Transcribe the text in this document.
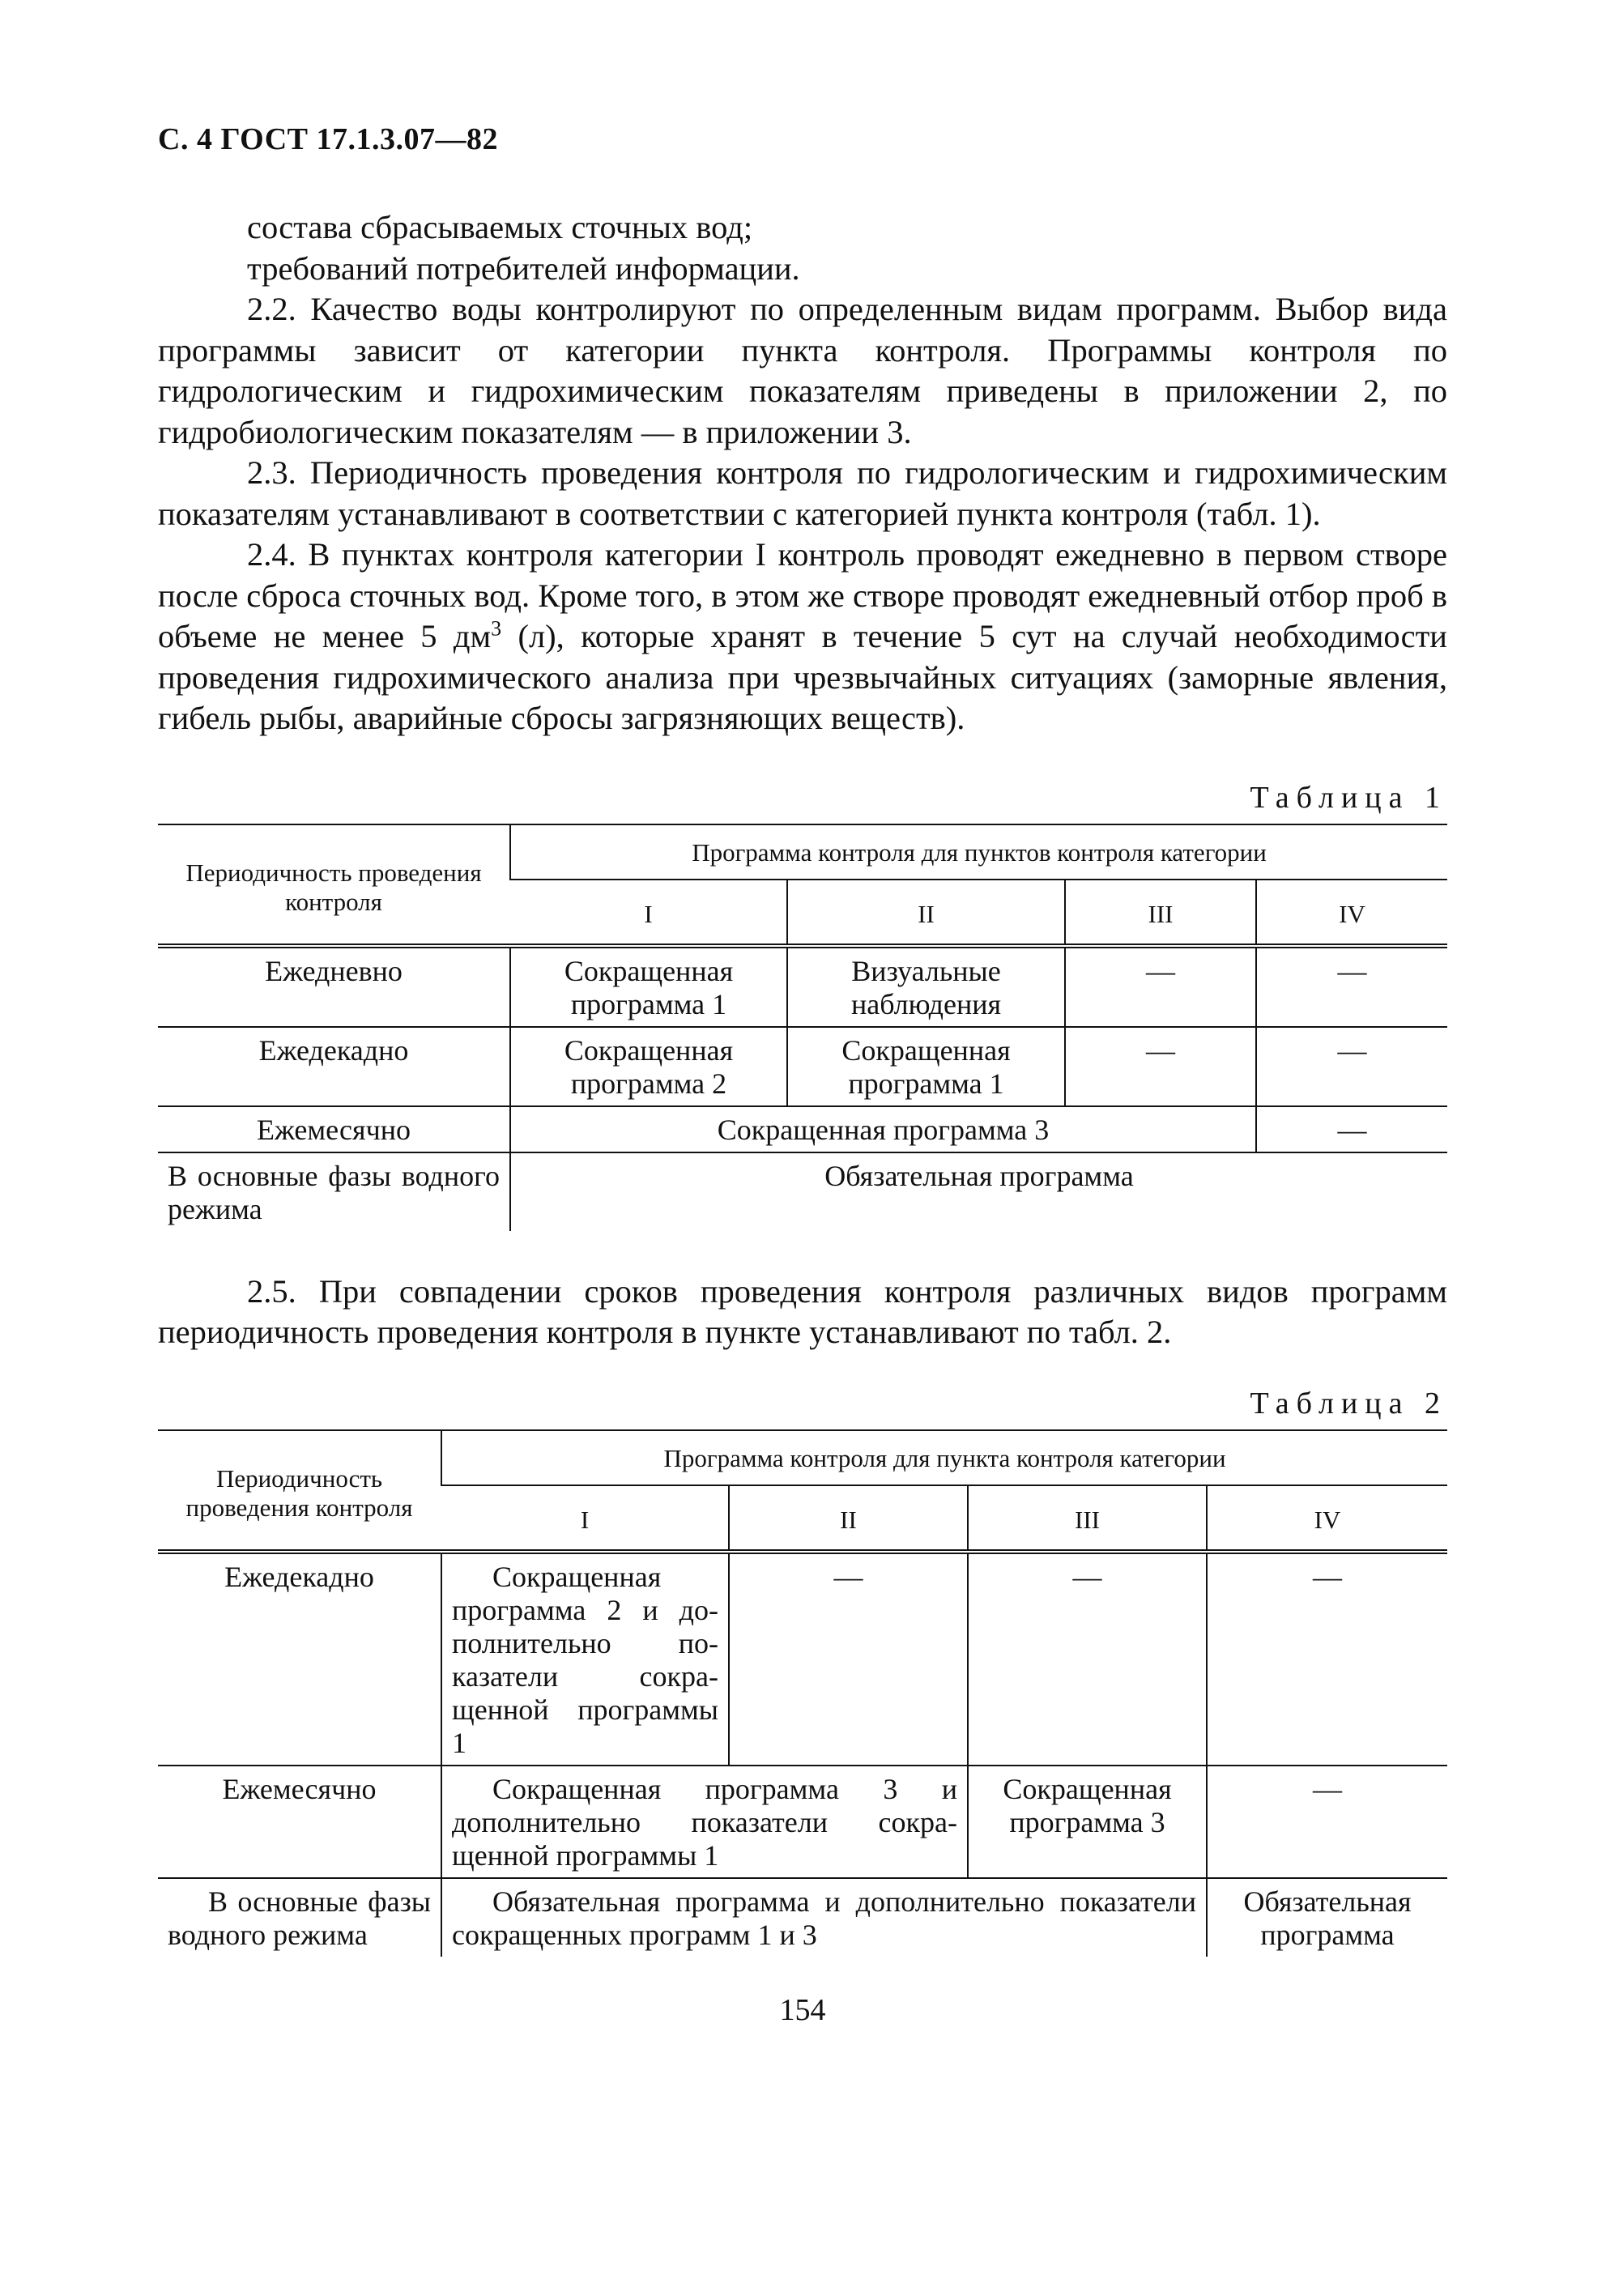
С. 4 ГОСТ 17.1.3.07—82

состава сбрасываемых сточных вод;

требований потребителей информации.

2.2. Качество воды контролируют по определенным видам программ. Выбор вида программы зависит от категории пункта контроля. Программы контроля по гидрологическим и гидрохимическим показателям приведены в приложении 2, по гидробиологическим показателям — в приложении 3.

2.3. Периодичность проведения контроля по гидрологическим и гидрохимическим показателям устанавливают в соответствии с категорией пункта контроля (табл. 1).

2.4. В пунктах контроля категории I контроль проводят ежедневно в первом створе после сброса сточных вод. Кроме того, в этом же створе проводят ежедневный отбор проб в объеме не менее 5 $дм^3$ (л), которые хранят в течение 5 сут на случай необходимости проведения гидрохимического анализа при чрезвычайных ситуациях (заморные явления, гибель рыбы, аварийные сбросы загрязняющих веществ).

Таблица 1
Периодичность проведения контроля	Программа контроля для пунктов контроля категории			
	I	II	III	IV
Ежедневно	Сокращенная программа 1	Визуальные наблюдения	—	—
Ежедекадно	Сокращенная программа 2	Сокращенная программа 1	—	—
Ежемесячно	Сокращенная программа 3			—
В основные фазы водного режима	Обязательная программа			

2.5. При совпадении сроков проведения контроля различных видов программ периодичность проведения контроля в пункте устанавливают по табл. 2.

Таблица 2
Периодичность проведения контроля	Программа контроля для пункта контроля категории			
	I	II	III	IV
Ежедекадно	Сокращенная программа 2 и дополнительно показатели сокращенной программы 1	—	—	—
Ежемесячно	Сокращенная программа 3 и дополнительно показатели сокращенной программы 1		Сокращенная программа 3	—
В основные фазы водного режима	Обязательная программа и дополнительно показатели сокращенных программ 1 и 3			Обязательная программа
154
